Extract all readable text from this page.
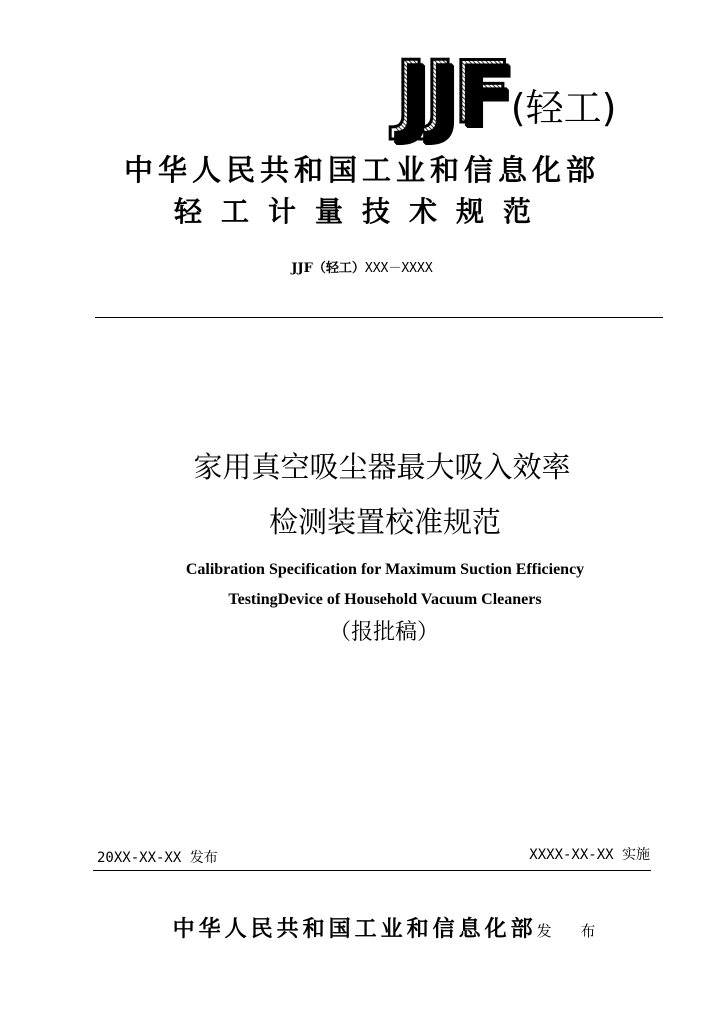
JJF (轻工)
中华人民共和国工业和信息化部
轻工计量技术规范
JJF（轻工）XXX－XXXX
家用真空吸尘器最大吸入效率
检测装置校准规范
Calibration Specification for Maximum Suction Efficiency
TestingDevice of Household Vacuum Cleaners
（报批稿）
20XX-XX-XX 发布	XXXX-XX-XX 实施
中华人民共和国工业和信息化部发 布
